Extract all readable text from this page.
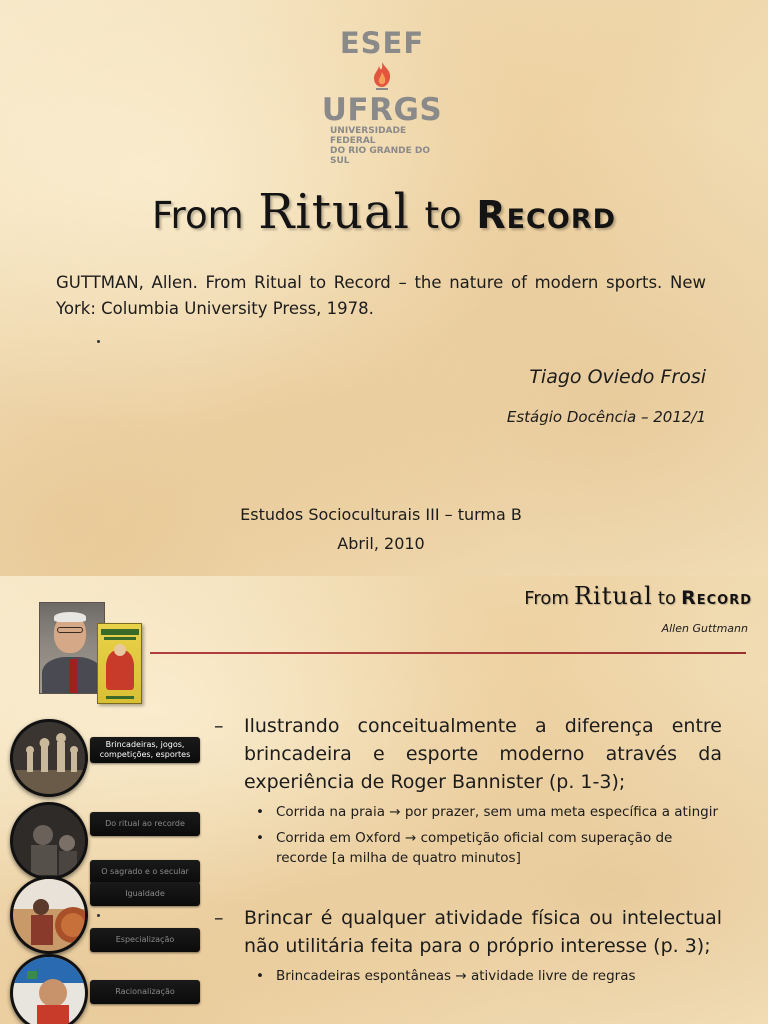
ESEF
UFRGS
UNIVERSIDADE FEDERAL
DO RIO GRANDE DO SUL
From Ritual to Record
GUTTMAN, Allen. From Ritual to Record – the nature of modern sports. New York: Columbia University Press, 1978.
Tiago Oviedo Frosi
Estágio Docência – 2012/1
Estudos Socioculturais III – turma B
Abril, 2010
From Ritual to Record
Allen Guttmann
Brincadeiras, jogos, competições, esportes
Do ritual ao recorde
O sagrado e o secular
Igualdade
Especialização
Racionalização
–	Ilustrando conceitualmente a diferença entre brincadeira e esporte moderno através da experiência de Roger Bannister (p. 1-3);
• Corrida na praia → por prazer, sem uma meta específica a atingir
• Corrida em Oxford → competição oficial com superação de recorde [a milha de quatro minutos]
–	Brincar é qualquer atividade física ou intelectual não utilitária feita para o próprio interesse (p. 3);
• Brincadeiras espontâneas → atividade livre de regras
